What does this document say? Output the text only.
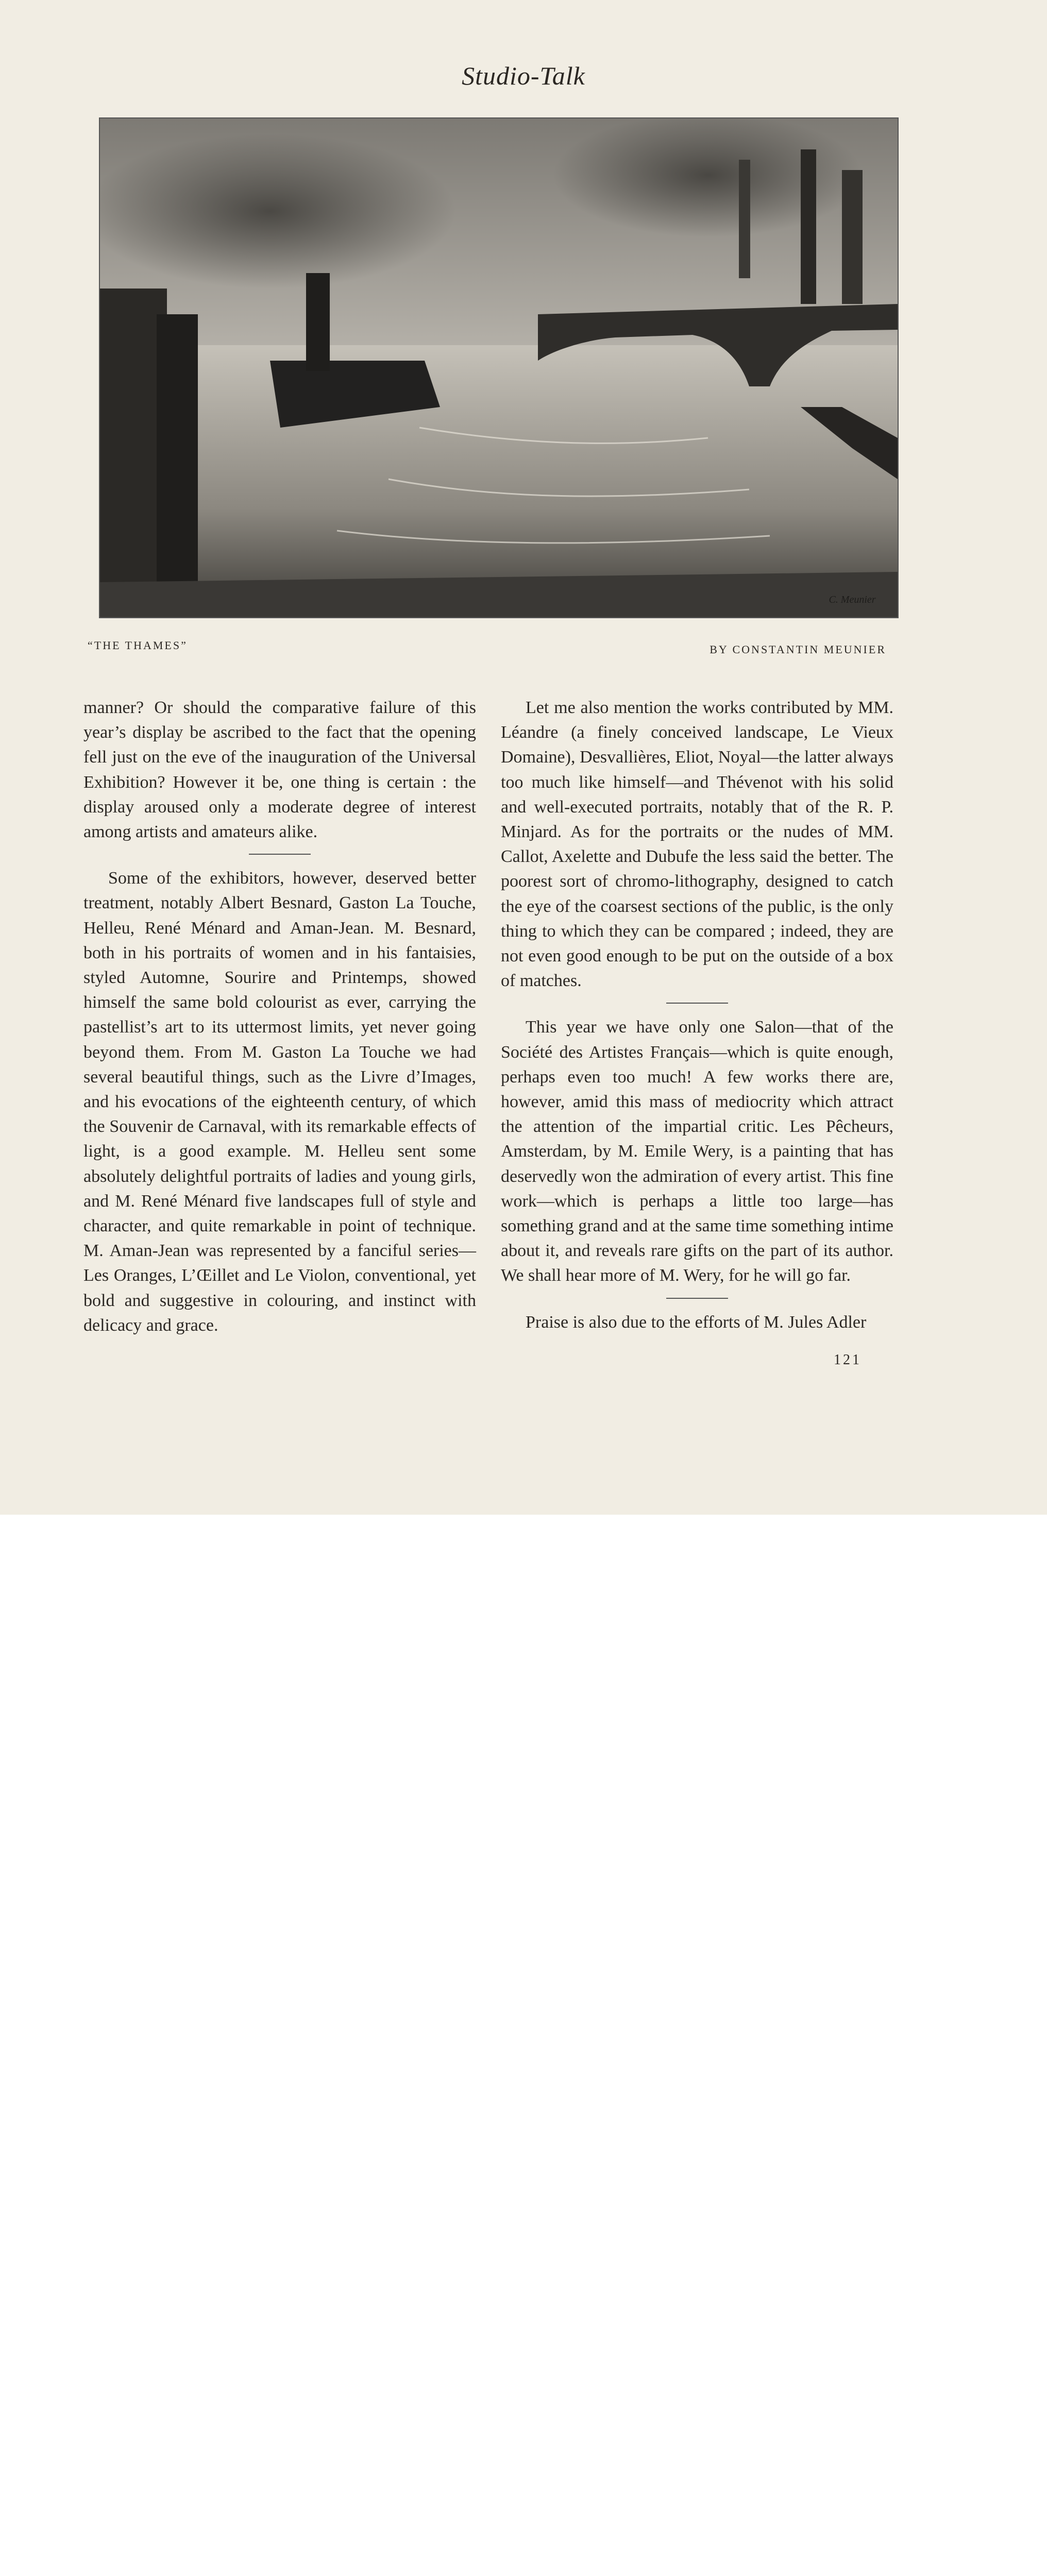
Studio-Talk
C. Meunier
“THE THAMES”	BY CONSTANTIN MEUNIER

manner? Or should the comparative failure of this year’s display be ascribed to the fact that the opening fell just on the eve of the inauguration of the Universal Exhibition? However it be, one thing is certain : the display aroused only a moderate degree of interest among artists and amateurs alike.

Some of the exhibitors, however, deserved better treatment, notably Albert Besnard, Gaston La Touche, Helleu, René Ménard and Aman-Jean. M. Besnard, both in his portraits of women and in his fantaisies, styled Automne, Sourire and Printemps, showed himself the same bold colourist as ever, carrying the pastellist’s art to its uttermost limits, yet never going beyond them. From M. Gaston La Touche we had several beautiful things, such as the Livre d’Images, and his evocations of the eighteenth century, of which the Souvenir de Carnaval, with its remarkable effects of light, is a good example. M. Helleu sent some absolutely delightful portraits of ladies and young girls, and M. René Ménard five landscapes full of style and character, and quite remarkable in point of technique. M. Aman-Jean was represented by a fanciful series—Les Oranges, L’Œillet and Le Violon, conventional, yet bold and suggestive in colouring, and instinct with delicacy and grace.

Let me also mention the works contributed by MM. Léandre (a finely conceived landscape, Le Vieux Domaine), Desvallières, Eliot, Noyal—the latter always too much like himself—and Thévenot with his solid and well-executed portraits, notably that of the R. P. Minjard. As for the portraits or the nudes of MM. Callot, Axelette and Dubufe the less said the better. The poorest sort of chromo-lithography, designed to catch the eye of the coarsest sections of the public, is the only thing to which they can be compared ; indeed, they are not even good enough to be put on the outside of a box of matches.

This year we have only one Salon—that of the Société des Artistes Français—which is quite enough, perhaps even too much! A few works there are, however, amid this mass of mediocrity which attract the attention of the impartial critic. Les Pêcheurs, Amsterdam, by M. Emile Wery, is a painting that has deservedly won the admiration of every artist. This fine work—which is perhaps a little too large—has something grand and at the same time something intime about it, and reveals rare gifts on the part of its author. We shall hear more of M. Wery, for he will go far.

Praise is also due to the efforts of M. Jules Adler

121
